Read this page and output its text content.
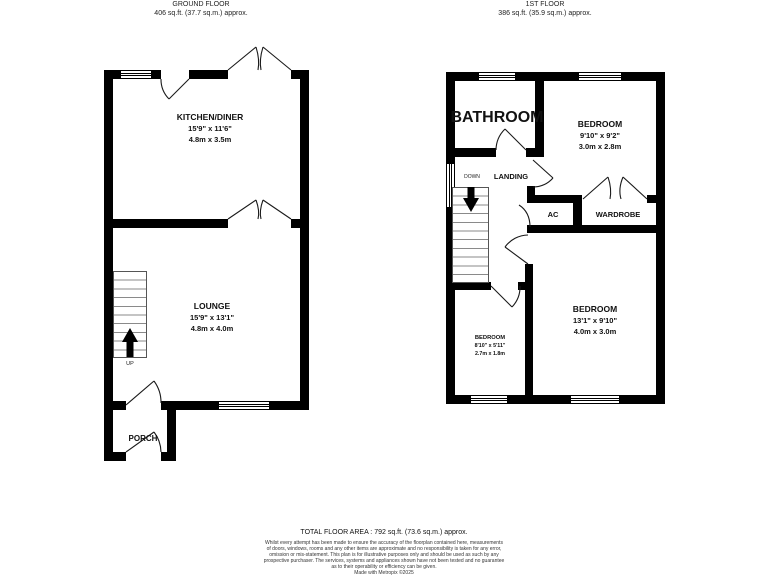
GROUND FLOOR
406 sq.ft. (37.7 sq.m.) approx.
1ST FLOOR
386 sq.ft. (35.9 sq.m.) approx.
KITCHEN/DINER
15'9" x 11'6"
4.8m x 3.5m
LOUNGE
15'9" x 13'1"
4.8m x 4.0m
PORCH
UP
BATHROOM	BEDROOM
9'10" x 9'2"
3.0m x 2.8m
LANDING
DOWN
AC	WARDROBE
BEDROOM
13'1" x 9'10"
4.0m x 3.0m
BEDROOM
8'10" x 5'11"
2.7m x 1.8m
TOTAL FLOOR AREA : 792 sq.ft. (73.6 sq.m.) approx.
Whilst every attempt has been made to ensure the accuracy of the floorplan contained here, measurements
of doors, windows, rooms and any other items are approximate and no responsibility is taken for any error,
omission or mis-statement. This plan is for illustrative purposes only and should be used as such by any
prospective purchaser. The services, systems and appliances shown have not been tested and no guarantee
as to their operability or efficiency can be given.
Made with Metropix ©2025
